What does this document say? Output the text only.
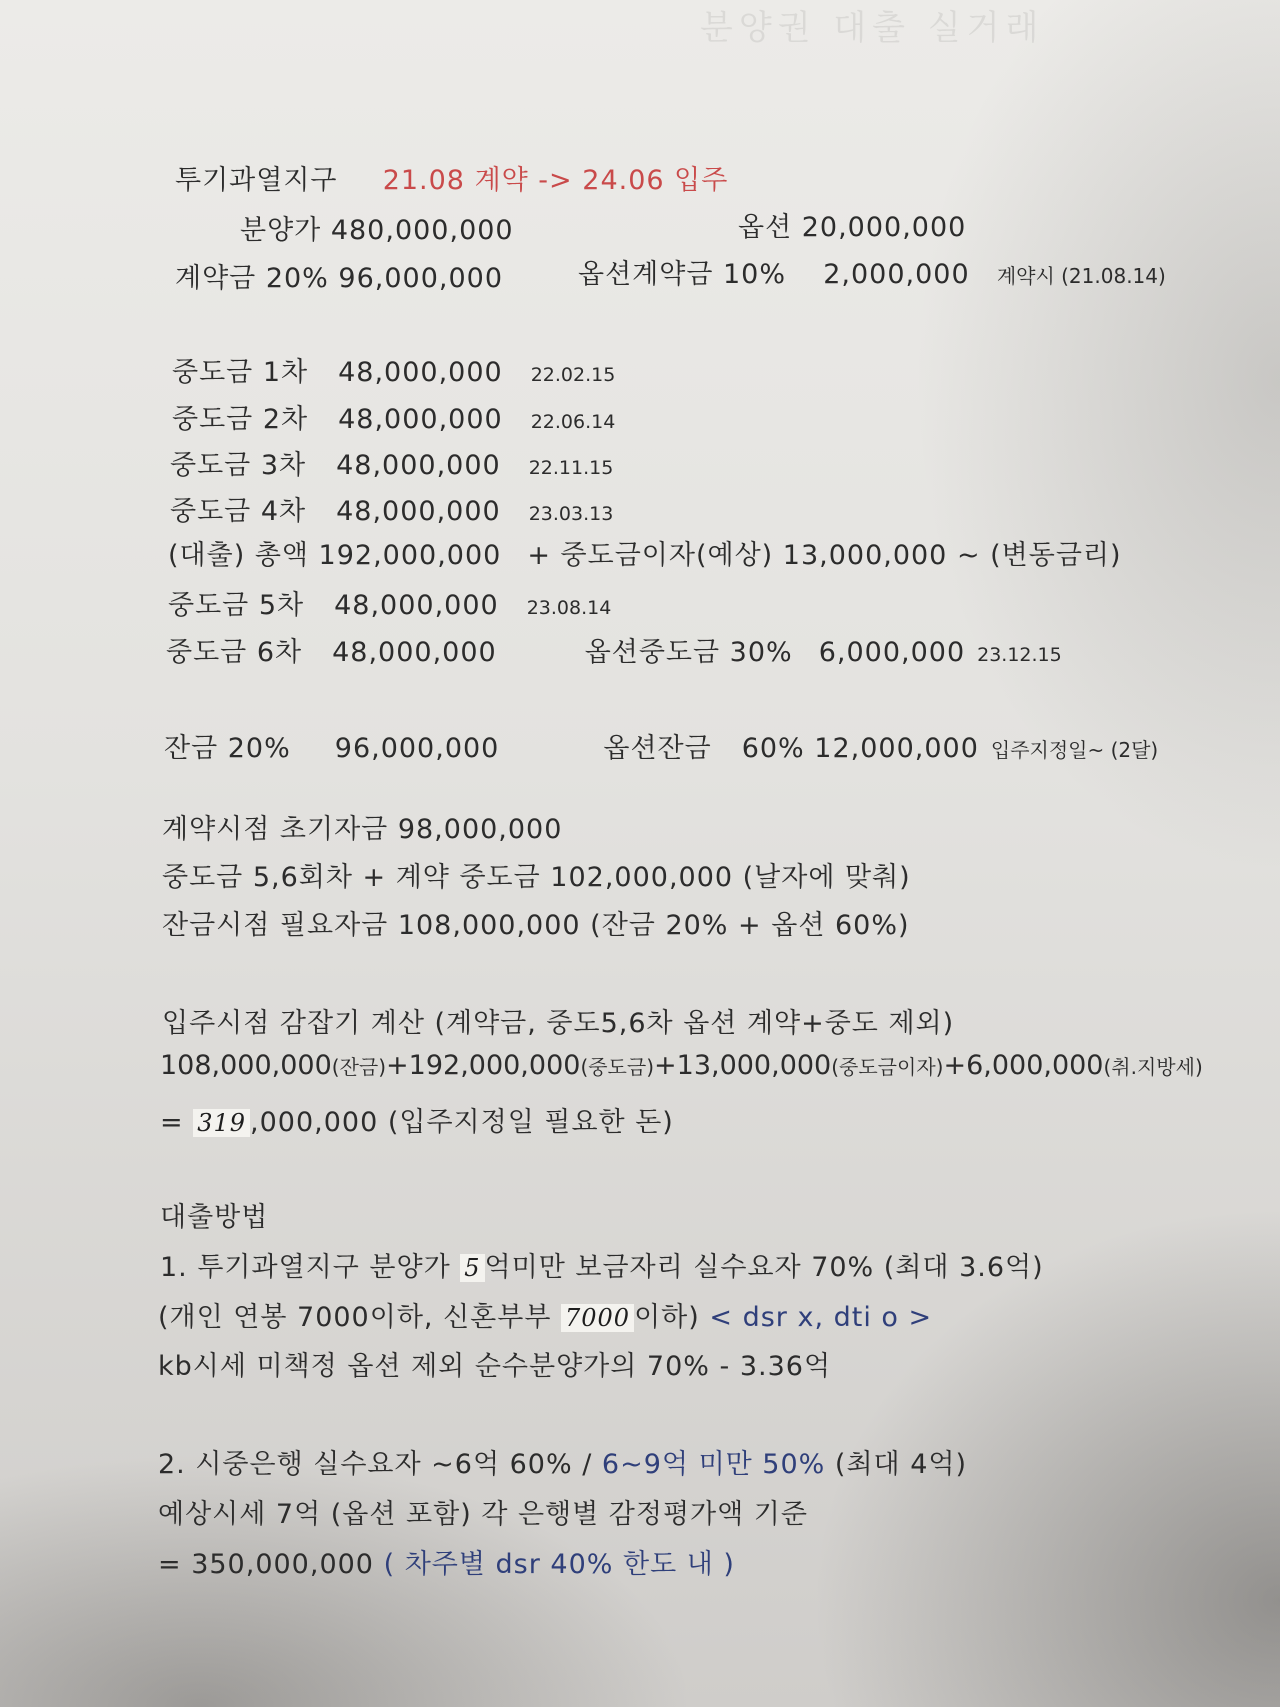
분양권 대출 실거래
투기과열지구 21.08 계약 -> 24.06 입주
분양가 480,000,000	옵션 20,000,000
계약금 20% 96,000,000	옵션계약금 10% 2,000,000 계약시 (21.08.14)
중도금 1차 48,000,000 22.02.15
중도금 2차 48,000,000 22.06.14
중도금 3차 48,000,000 22.11.15
중도금 4차 48,000,000 23.03.13
(대출) 총액 192,000,000 + 중도금이자(예상) 13,000,000 ~ (변동금리)
중도금 5차 48,000,000 23.08.14
중도금 6차 48,000,000	옵션중도금 30% 6,000,000 23.12.15
잔금 20% 96,000,000	옵션잔금 60% 12,000,000 입주지정일~ (2달)
계약시점 초기자금 98,000,000
중도금 5,6회차 + 계약 중도금 102,000,000 (날자에 맞춰)
잔금시점 필요자금 108,000,000 (잔금 20% + 옵션 60%)
입주시점 감잡기 계산 (계약금, 중도5,6차 옵션 계약+중도 제외)
108,000,000(잔금)+192,000,000(중도금)+13,000,000(중도금이자)+6,000,000(취.지방세)
= 319 ,000,000 (입주지정일 필요한 돈)
대출방법
1. 투기과열지구 분양가 5 억미만 보금자리 실수요자 70% (최대 3.6억)
(개인 연봉 7000이하, 신혼부부 7000 이하) < dsr x, dti o >
kb시세 미책정 옵션 제외 순수분양가의 70% - 3.36억
2. 시중은행 실수요자 ~6억 60% / 6~9억 미만 50% (최대 4억)
예상시세 7억 (옵션 포함) 각 은행별 감정평가액 기준
= 350,000,000 ( 차주별 dsr 40% 한도 내 )
